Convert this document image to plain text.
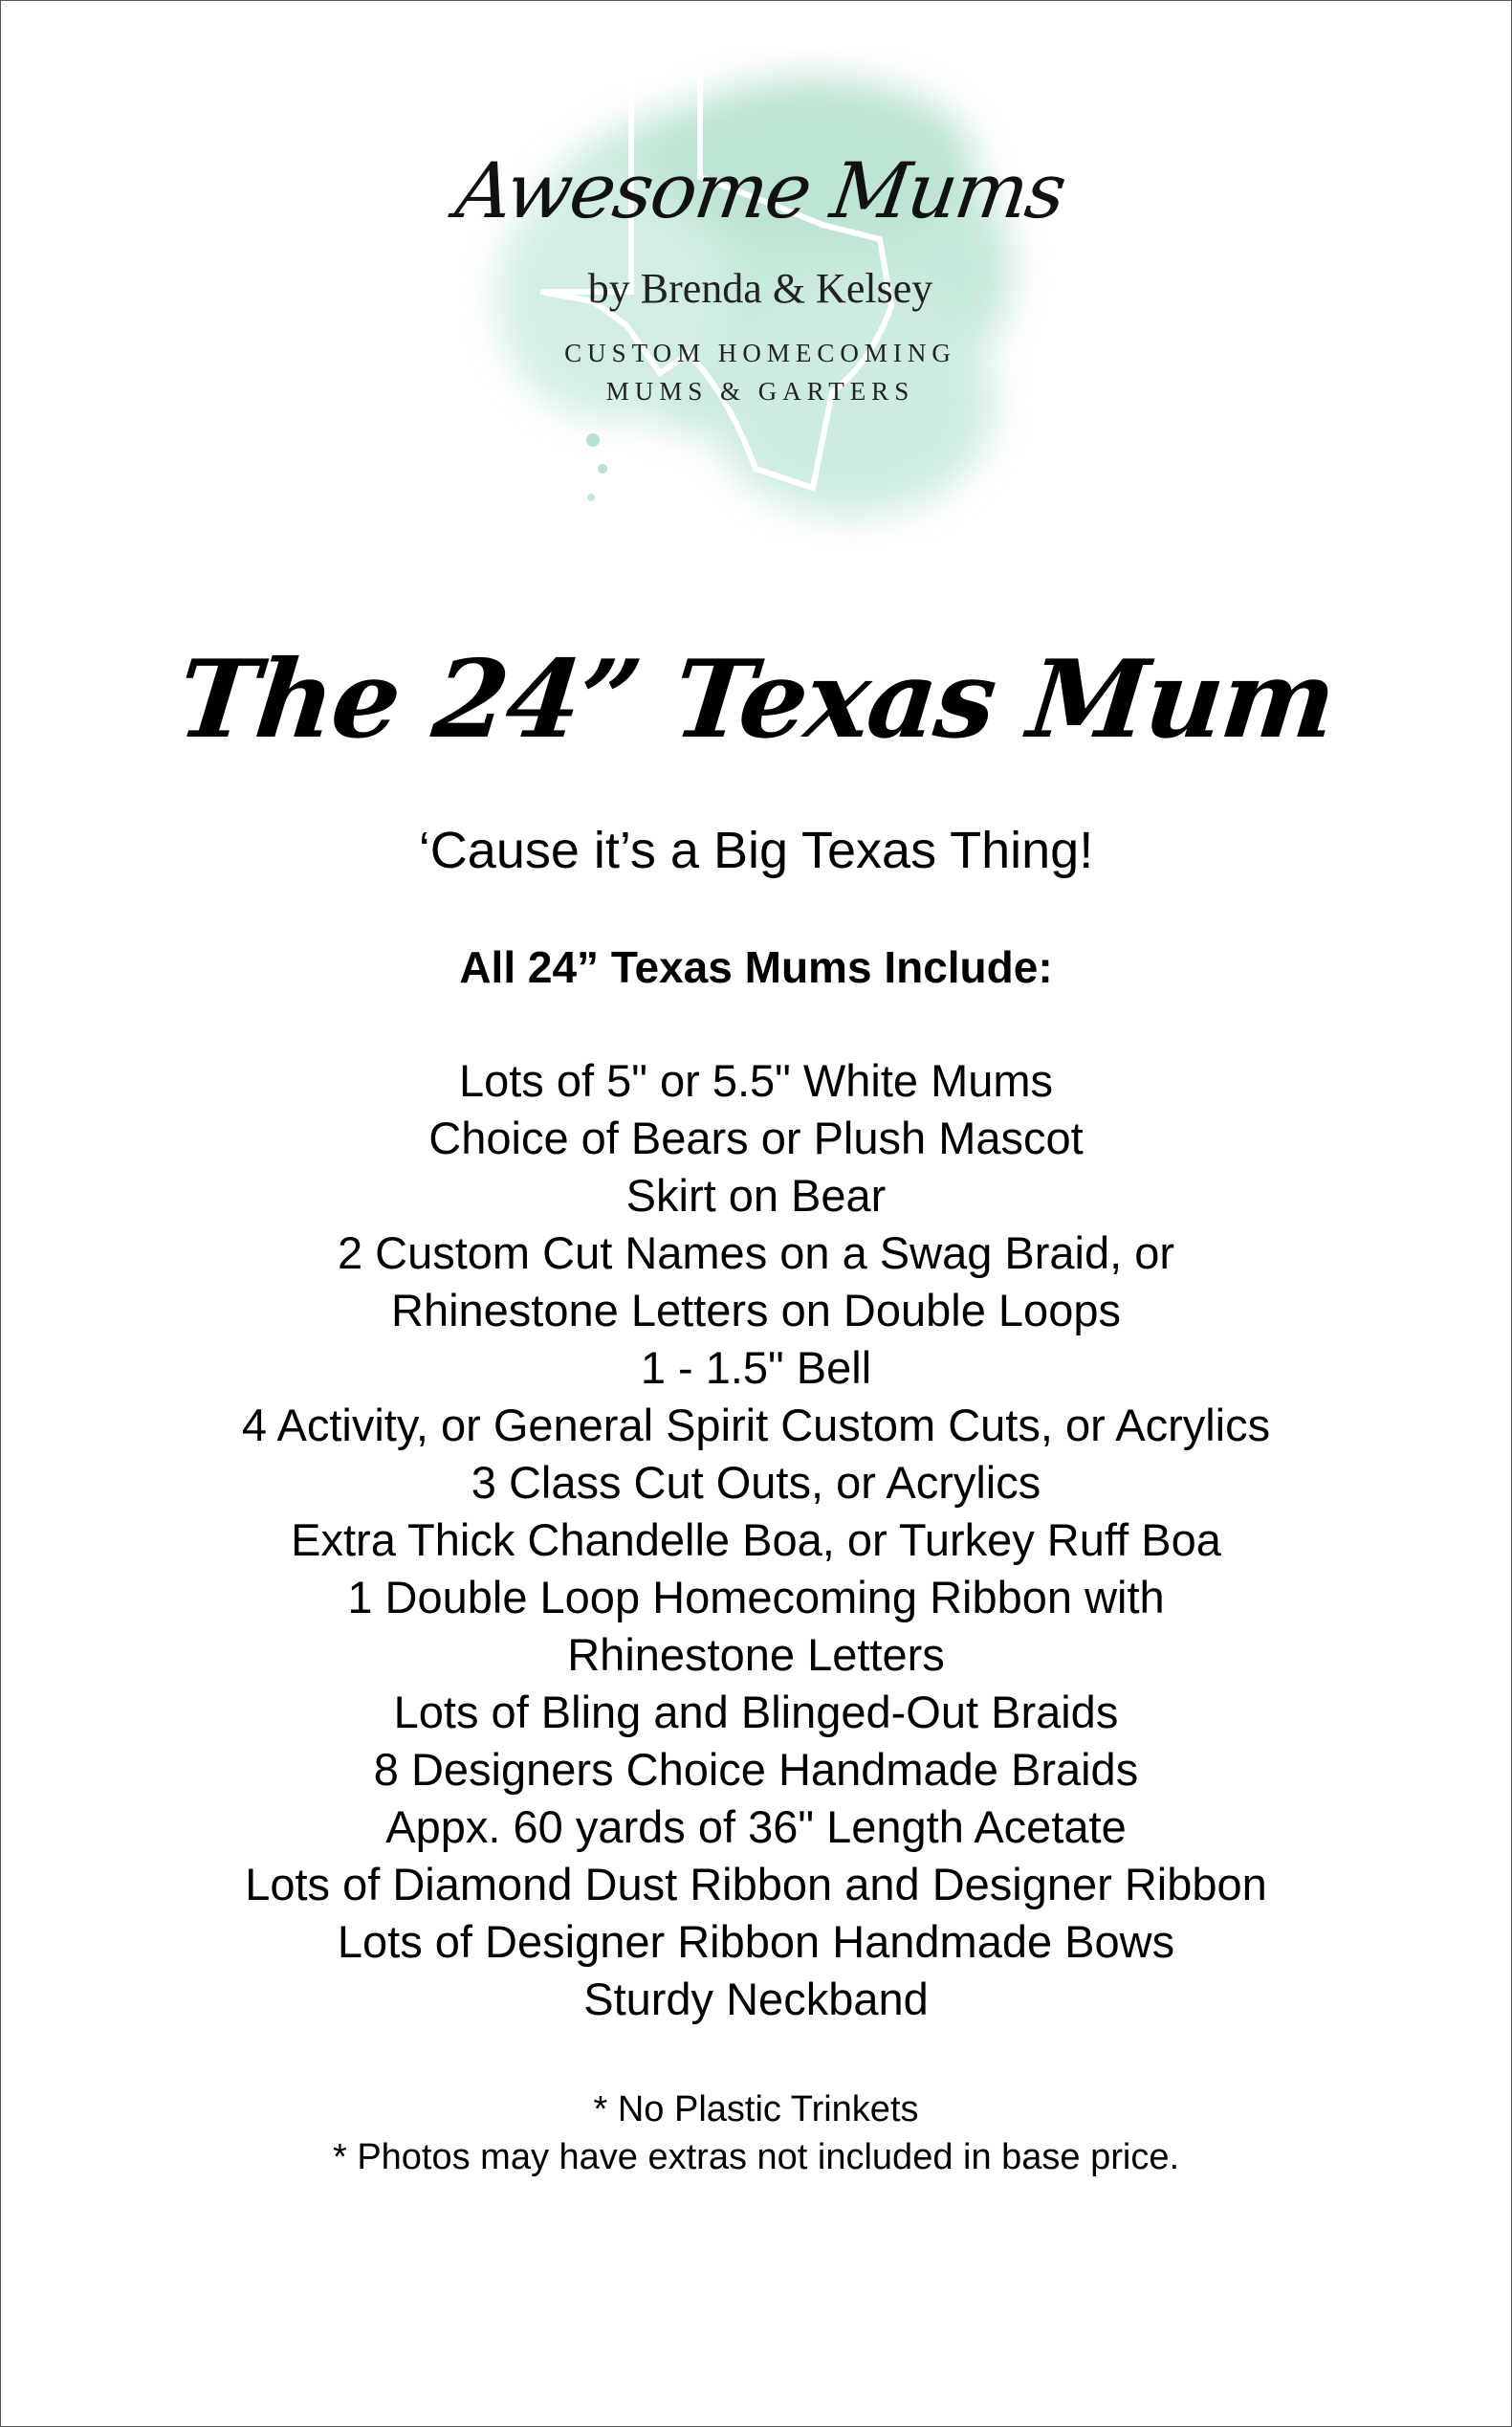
Awesome Mums
by Brenda & Kelsey
CUSTOM HOMECOMING
MUMS & GARTERS
The 24” Texas Mum
‘Cause it’s a Big Texas Thing!
All 24” Texas Mums Include:
Lots of 5" or 5.5" White Mums
Choice of Bears or Plush Mascot
Skirt on Bear
2 Custom Cut Names on a Swag Braid, or
Rhinestone Letters on Double Loops
1 - 1.5" Bell
4 Activity, or General Spirit Custom Cuts, or Acrylics
3 Class Cut Outs, or Acrylics
Extra Thick Chandelle Boa, or Turkey Ruff Boa
1 Double Loop Homecoming Ribbon with
Rhinestone Letters
Lots of Bling and Blinged-Out Braids
8 Designers Choice Handmade Braids
Appx. 60 yards of 36" Length Acetate
Lots of Diamond Dust Ribbon and Designer Ribbon
Lots of Designer Ribbon Handmade Bows
Sturdy Neckband
* No Plastic Trinkets
* Photos may have extras not included in base price.
